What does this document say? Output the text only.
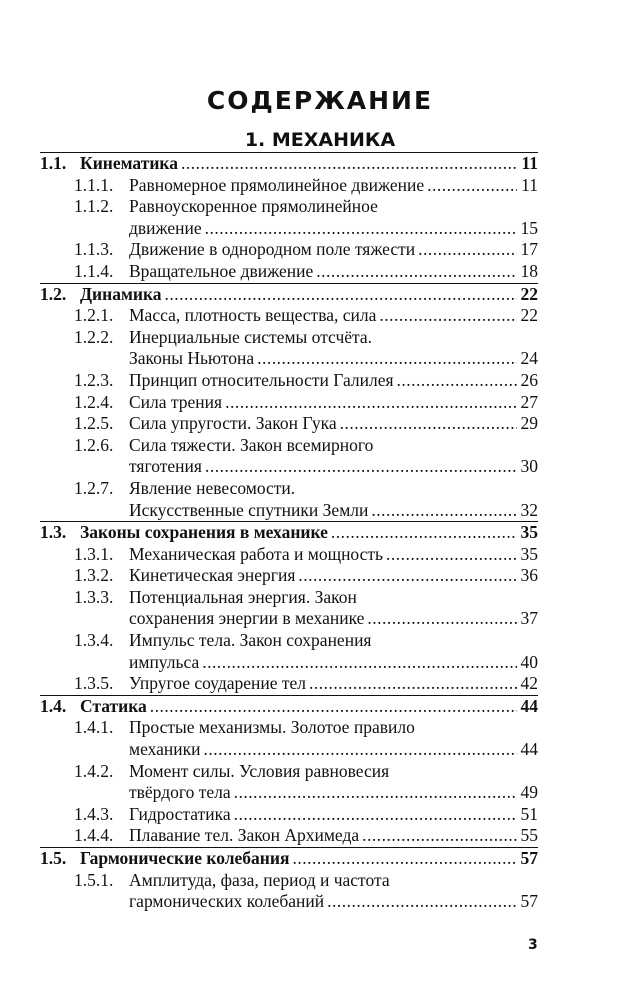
СОДЕРЖАНИЕ
1. МЕХАНИКА
1.1. Кинематика .....	11
1.1.1. Равномерное прямолинейное движение .....	11
1.1.2. Равноускоренное прямолинейное
движение .....	15
1.1.3. Движение в однородном поле тяжести .....	17
1.1.4. Вращательное движение .....	18
1.2. Динамика .....	22
1.2.1. Масса, плотность вещества, сила .....	22
1.2.2. Инерциальные системы отсчёта.
Законы Ньютона .....	24
1.2.3. Принцип относительности Галилея .....	26
1.2.4. Сила трения .....	27
1.2.5. Сила упругости. Закон Гука .....	29
1.2.6. Сила тяжести. Закон всемирного
тяготения .....	30
1.2.7. Явление невесомости.
Искусственные спутники Земли .....	32
1.3. Законы сохранения в механике .....	35
1.3.1. Механическая работа и мощность .....	35
1.3.2. Кинетическая энергия .....	36
1.3.3. Потенциальная энергия. Закон
сохранения энергии в механике .....	37
1.3.4. Импульс тела. Закон сохранения
импульса .....	40
1.3.5. Упругое соударение тел .....	42
1.4. Статика .....	44
1.4.1. Простые механизмы. Золотое правило
механики .....	44
1.4.2. Момент силы. Условия равновесия
твёрдого тела .....	49
1.4.3. Гидростатика .....	51
1.4.4. Плавание тел. Закон Архимеда .....	55
1.5. Гармонические колебания .....	57
1.5.1. Амплитуда, фаза, период и частота
гармонических колебаний .....	57
3
